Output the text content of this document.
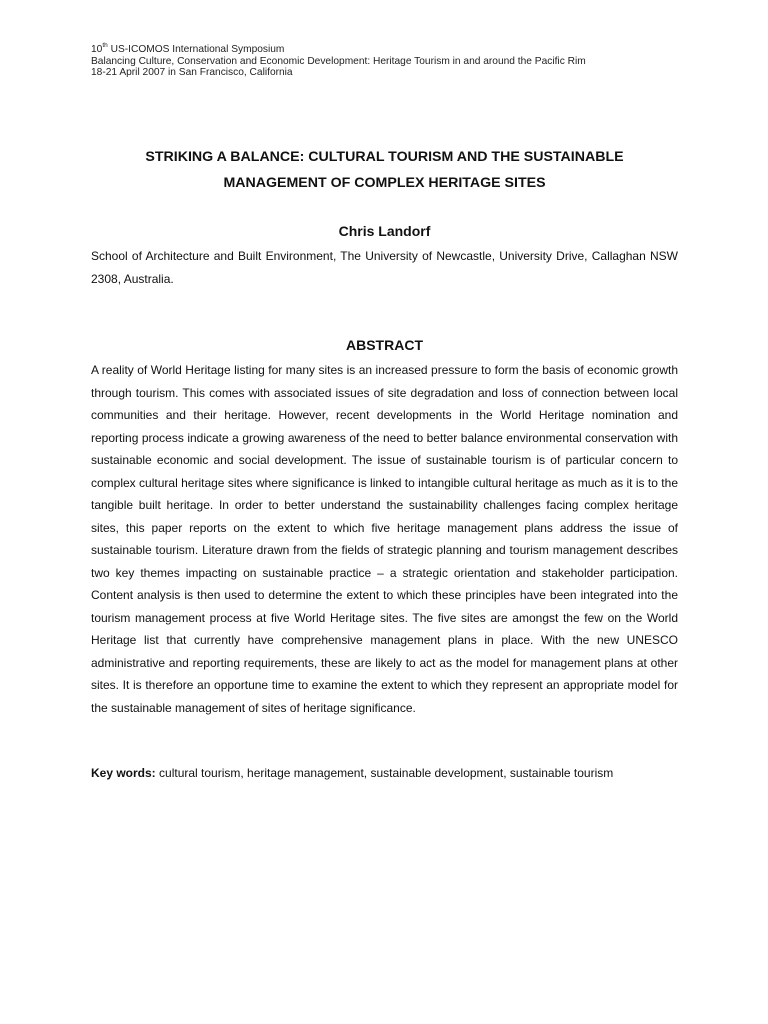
10th US-ICOMOS International Symposium
Balancing Culture, Conservation and Economic Development: Heritage Tourism in and around the Pacific Rim
18-21 April 2007 in San Francisco, California
STRIKING A BALANCE: CULTURAL TOURISM AND THE SUSTAINABLE
MANAGEMENT OF COMPLEX HERITAGE SITES
Chris Landorf
School of Architecture and Built Environment, The University of Newcastle, University Drive, Callaghan NSW 2308, Australia.
ABSTRACT
A reality of World Heritage listing for many sites is an increased pressure to form the basis of economic growth through tourism. This comes with associated issues of site degradation and loss of connection between local communities and their heritage. However, recent developments in the World Heritage nomination and reporting process indicate a growing awareness of the need to better balance environmental conservation with sustainable economic and social development. The issue of sustainable tourism is of particular concern to complex cultural heritage sites where significance is linked to intangible cultural heritage as much as it is to the tangible built heritage. In order to better understand the sustainability challenges facing complex heritage sites, this paper reports on the extent to which five heritage management plans address the issue of sustainable tourism. Literature drawn from the fields of strategic planning and tourism management describes two key themes impacting on sustainable practice – a strategic orientation and stakeholder participation. Content analysis is then used to determine the extent to which these principles have been integrated into the tourism management process at five World Heritage sites. The five sites are amongst the few on the World Heritage list that currently have comprehensive management plans in place. With the new UNESCO administrative and reporting requirements, these are likely to act as the model for management plans at other sites. It is therefore an opportune time to examine the extent to which they represent an appropriate model for the sustainable management of sites of heritage significance.
Key words: cultural tourism, heritage management, sustainable development, sustainable tourism
